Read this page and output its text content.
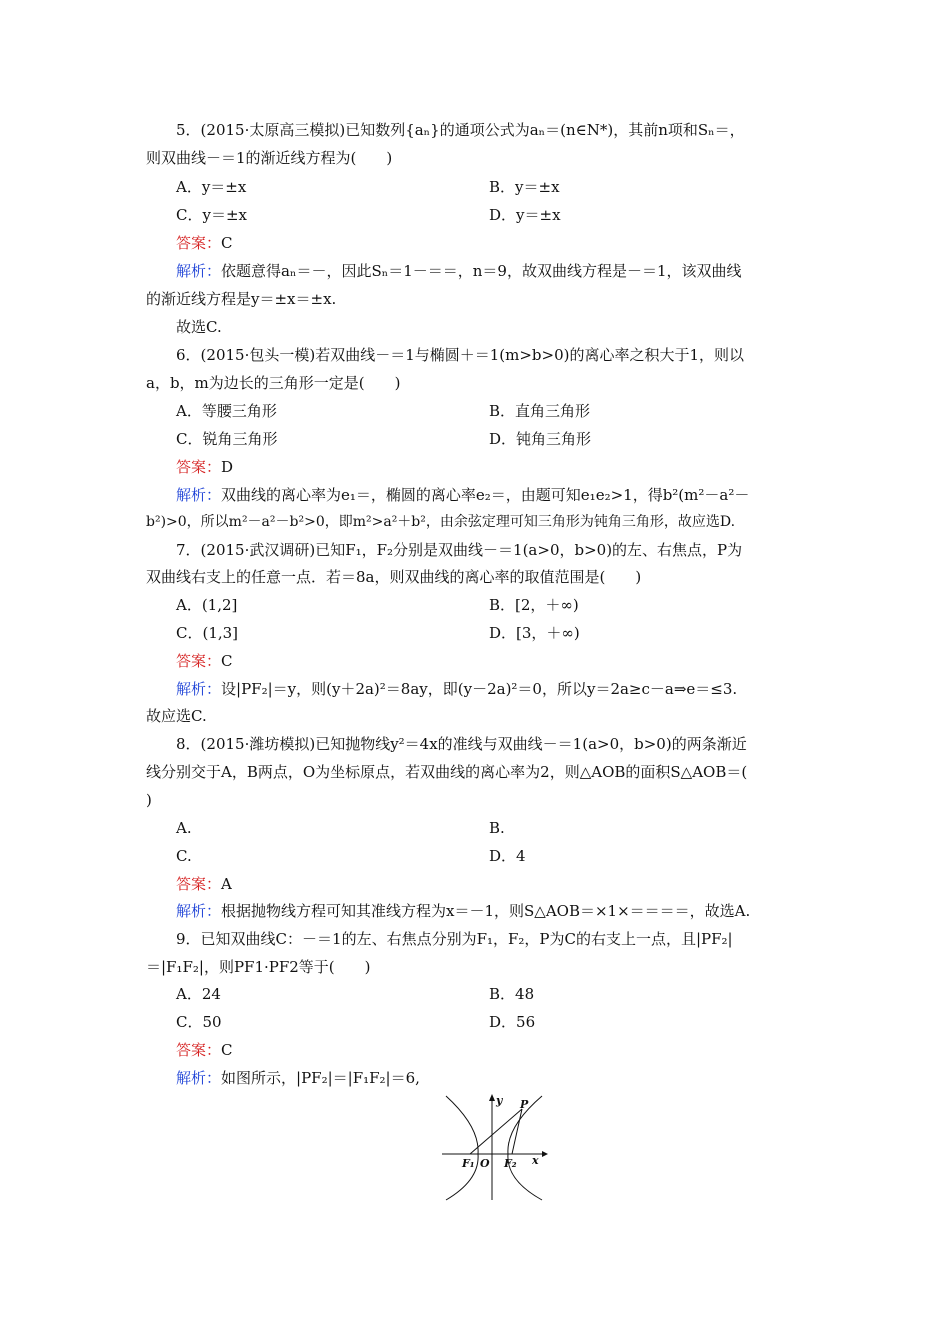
5．(2015·太原高三模拟)已知数列{aₙ}的通项公式为aₙ＝(n∈N*)，其前n项和Sₙ＝，
则双曲线－＝1的渐近线方程为(　　)
A．y＝±x	B．y＝±x
C．y＝±x	D．y＝±x
答案：C
解析：依题意得aₙ＝－，因此Sₙ＝1－＝＝，n＝9，故双曲线方程是－＝1，该双曲线
的渐近线方程是y＝±x＝±x.
故选C.
6．(2015·包头一模)若双曲线－＝1与椭圆＋＝1(m>b>0)的离心率之积大于1，则以
a，b，m为边长的三角形一定是(　　)
A．等腰三角形	B．直角三角形
C．锐角三角形	D．钝角三角形
答案：D
解析：双曲线的离心率为e₁＝，椭圆的离心率e₂＝，由题可知e₁e₂>1，得b²(m²－a²－
b²)>0，所以m²－a²－b²>0，即m²>a²＋b²，由余弦定理可知三角形为钝角三角形，故应选D.
7．(2015·武汉调研)已知F₁，F₂分别是双曲线－＝1(a>0，b>0)的左、右焦点，P为
双曲线右支上的任意一点．若＝8a，则双曲线的离心率的取值范围是(　　)
A．(1,2]	B．[2，＋∞)
C．(1,3]	D．[3，＋∞)
答案：C
解析：设|PF₂|＝y，则(y＋2a)²＝8ay，即(y－2a)²＝0，所以y＝2a≥c－a⇒e＝≤3.
故应选C.
8．(2015·潍坊模拟)已知抛物线y²＝4x的准线与双曲线－＝1(a>0，b>0)的两条渐近
线分别交于A，B两点，O为坐标原点，若双曲线的离心率为2，则△AOB的面积S△AOB＝(
)
A.	B.
C.	D．4
答案：A
解析：根据抛物线方程可知其准线方程为x＝－1，则S△AOB＝×1×＝＝＝＝，故选A.
9．已知双曲线C：－＝1的左、右焦点分别为F₁，F₂，P为C的右支上一点，且|PF₂|
＝|F₁F₂|，则PF1·PF2等于(　　)
A．24	B．48
C．50	D．56
答案：C
解析：如图所示，|PF₂|＝|F₁F₂|＝6,
y P
F₁ O F₂ x
